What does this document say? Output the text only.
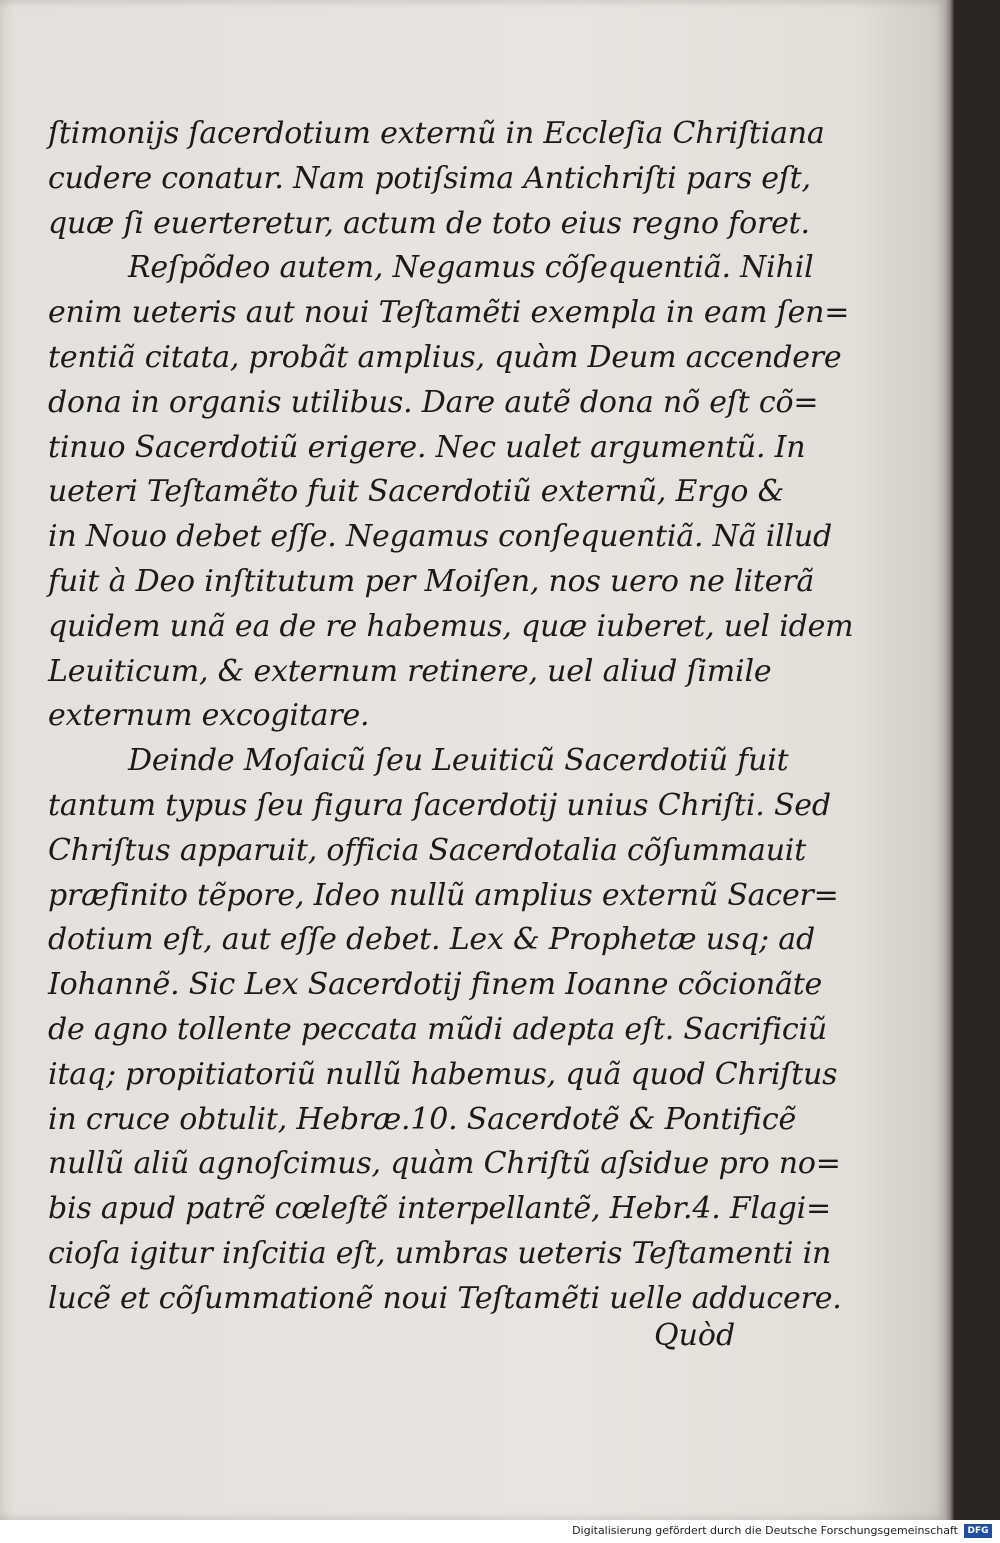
ſtimonijs ſacerdotium externũ in Eccleſia Chriſtiana
cudere conatur. Nam potiſsima Antichriſti pars eſt,
quæ ſi euerteretur, actum de toto eius regno foret.
Reſpõdeo autem, Negamus cõſequentiã. Nihil
enim ueteris aut noui Teſtamẽti exempla in eam ſen=
tentiã citata, probãt amplius, quàm Deum accendere
dona in organis utilibus. Dare autẽ dona nõ eſt cõ=
tinuo Sacerdotiũ erigere. Nec ualet argumentũ. In
ueteri Teſtamẽto fuit Sacerdotiũ externũ, Ergo &
in Nouo debet eſſe. Negamus conſequentiã. Nã illud
fuit à Deo inſtitutum per Moiſen, nos uero ne literã
quidem unã ea de re habemus, quæ iuberet, uel idem
Leuiticum, & externum retinere, uel aliud ſimile
externum excogitare.
Deinde Moſaicũ ſeu Leuiticũ Sacerdotiũ fuit
tantum typus ſeu figura ſacerdotij unius Chriſti. Sed
Chriſtus apparuit, officia Sacerdotalia cõſummauit
præfinito tẽpore, Ideo nullũ amplius externũ Sacer=
dotium eſt, aut eſſe debet. Lex & Prophetæ usq; ad
Iohannẽ. Sic Lex Sacerdotij finem Ioanne cõcionãte
de agno tollente peccata mũdi adepta eſt. Sacrificiũ
itaq; propitiatoriũ nullũ habemus, quã quod Chriſtus
in cruce obtulit, Hebræ.10. Sacerdotẽ & Pontificẽ
nullũ aliũ agnoſcimus, quàm Chriſtũ aſsidue pro no=
bis apud patrẽ cœleſtẽ interpellantẽ, Hebr.4. Flagi=
cioſa igitur inſcitia eſt, umbras ueteris Teſtamenti in
lucẽ et cõſummationẽ noui Teſtamẽti uelle adducere.
Quòd
Digitalisierung gefördert durch die Deutsche Forschungsgemeinschaft	DFG
